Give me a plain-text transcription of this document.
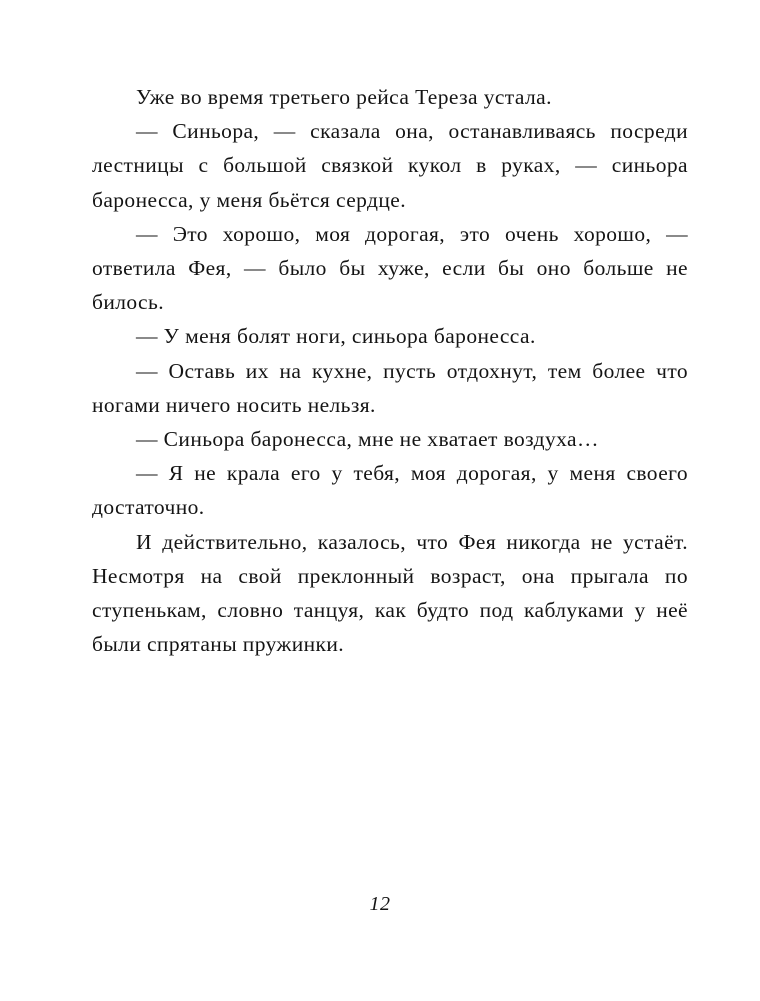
Уже во время третьего рейса Тереза устала.

— Синьора, — сказала она, останавливаясь посреди лестницы с большой связкой кукол в руках, — синьора баронесса, у меня бьётся сердце.

— Это хорошо, моя дорогая, это очень хорошо, — ответила Фея, — было бы хуже, если бы оно больше не билось.

— У меня болят ноги, синьора баронесса.

— Оставь их на кухне, пусть отдохнут, тем более что ногами ничего носить нельзя.

— Синьора баронесса, мне не хватает воздуха…

— Я не крала его у тебя, моя дорогая, у меня своего достаточно.

И действительно, казалось, что Фея никогда не устаёт. Несмотря на свой преклонный возраст, она прыгала по ступенькам, словно танцуя, как будто под каблуками у неё были спрятаны пружинки.

12
